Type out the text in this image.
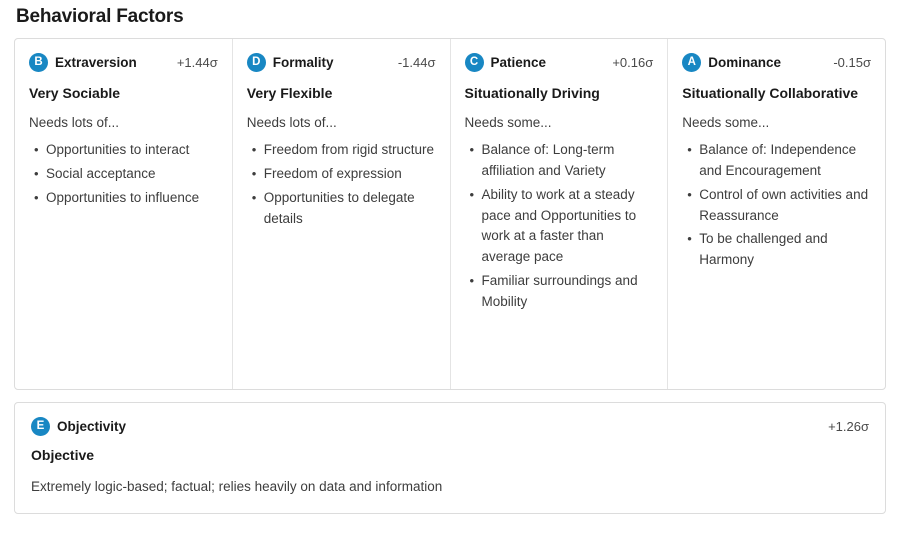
Behavioral Factors
B Extraversion	+1.44σ
Very Sociable
Needs lots of...
• Opportunities to interact
• Social acceptance
• Opportunities to influence
D Formality	-1.44σ
Very Flexible
Needs lots of...
• Freedom from rigid structure
• Freedom of expression
• Opportunities to delegate details
C Patience	+0.16σ
Situationally Driving
Needs some...
• Balance of: Long-term affiliation and Variety
• Ability to work at a steady pace and Opportunities to work at a faster than average pace
• Familiar surroundings and Mobility
A Dominance	-0.15σ
Situationally Collaborative
Needs some...
• Balance of: Independence and Encouragement
• Control of own activities and Reassurance
• To be challenged and Harmony
E Objectivity	+1.26σ
Objective
Extremely logic-based; factual; relies heavily on data and information
